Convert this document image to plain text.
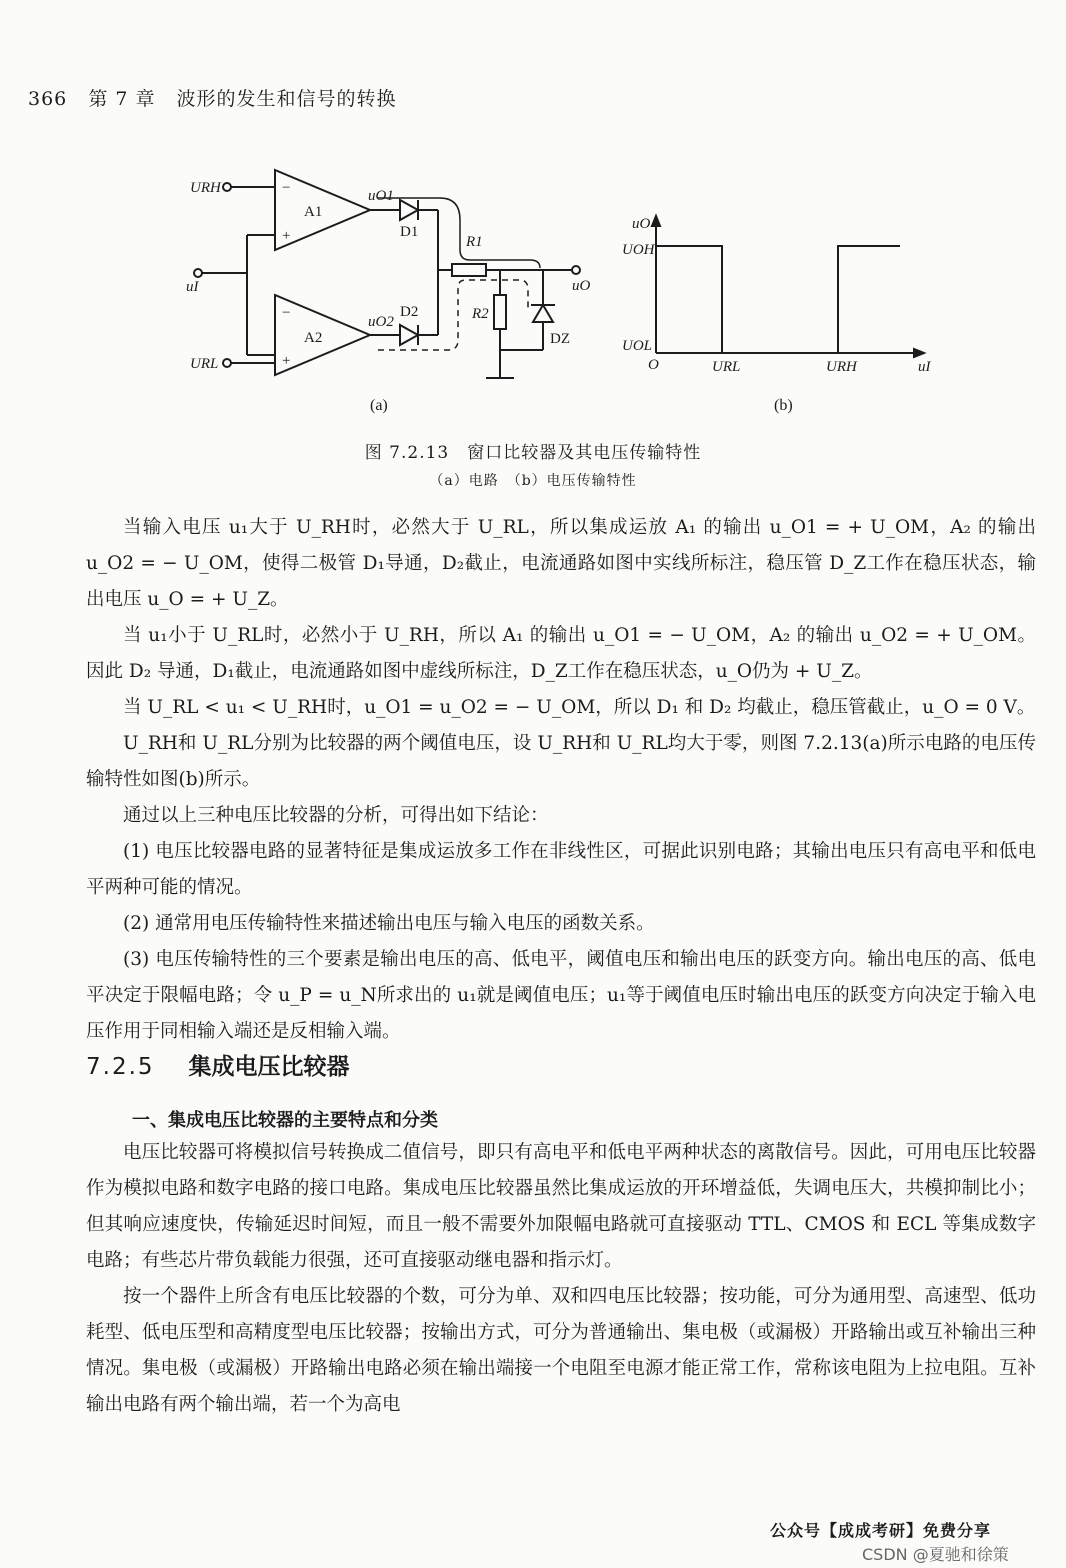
366 第 7 章 波形的发生和信号的转换
URH
uI
URL
A1
A2
−
+
−
+
uO1
uO2
D1
D2
R1
R2
DZ
uO
(a)	(b)
uO
UOH
UOL
O	URL	URH	uI
图 7.2.13　窗口比较器及其电压传输特性
（a）电路　（b）电压传输特性

当输入电压 u₁大于 U_RH时，必然大于 U_RL，所以集成运放 A₁ 的输出 u_O1 = + U_OM，A₂ 的输出 u_O2 = − U_OM，使得二极管 D₁导通，D₂截止，电流通路如图中实线所标注，稳压管 D_Z工作在稳压状态，输出电压 u_O = + U_Z。

当 u₁小于 U_RL时，必然小于 U_RH，所以 A₁ 的输出 u_O1 = − U_OM，A₂ 的输出 u_O2 = + U_OM。因此 D₂ 导通，D₁截止，电流通路如图中虚线所标注，D_Z工作在稳压状态，u_O仍为 + U_Z。

当 U_RL < u₁ < U_RH时，u_O1 = u_O2 = − U_OM，所以 D₁ 和 D₂ 均截止，稳压管截止，u_O = 0 V。

U_RH和 U_RL分别为比较器的两个阈值电压，设 U_RH和 U_RL均大于零，则图 7.2.13(a)所示电路的电压传输特性如图(b)所示。

通过以上三种电压比较器的分析，可得出如下结论：

(1) 电压比较器电路的显著特征是集成运放多工作在非线性区，可据此识别电路；其输出电压只有高电平和低电平两种可能的情况。

(2) 通常用电压传输特性来描述输出电压与输入电压的函数关系。

(3) 电压传输特性的三个要素是输出电压的高、低电平，阈值电压和输出电压的跃变方向。输出电压的高、低电平决定于限幅电路；令 u_P = u_N所求出的 u₁就是阈值电压；u₁等于阈值电压时输出电压的跃变方向决定于输入电压作用于同相输入端还是反相输入端。

7.2.5 集成电压比较器
一、集成电压比较器的主要特点和分类

电压比较器可将模拟信号转换成二值信号，即只有高电平和低电平两种状态的离散信号。因此，可用电压比较器作为模拟电路和数字电路的接口电路。集成电压比较器虽然比集成运放的开环增益低，失调电压大，共模抑制比小；但其响应速度快，传输延迟时间短，而且一般不需要外加限幅电路就可直接驱动 TTL、CMOS 和 ECL 等集成数字电路；有些芯片带负载能力很强，还可直接驱动继电器和指示灯。

按一个器件上所含有电压比较器的个数，可分为单、双和四电压比较器；按功能，可分为通用型、高速型、低功耗型、低电压型和高精度型电压比较器；按输出方式，可分为普通输出、集电极（或漏极）开路输出或互补输出三种情况。集电极（或漏极）开路输出电路必须在输出端接一个电阻至电源才能正常工作，常称该电阻为上拉电阻。互补输出电路有两个输出端，若一个为高电

公众号【成成考研】免费分享
CSDN @夏驰和徐策
